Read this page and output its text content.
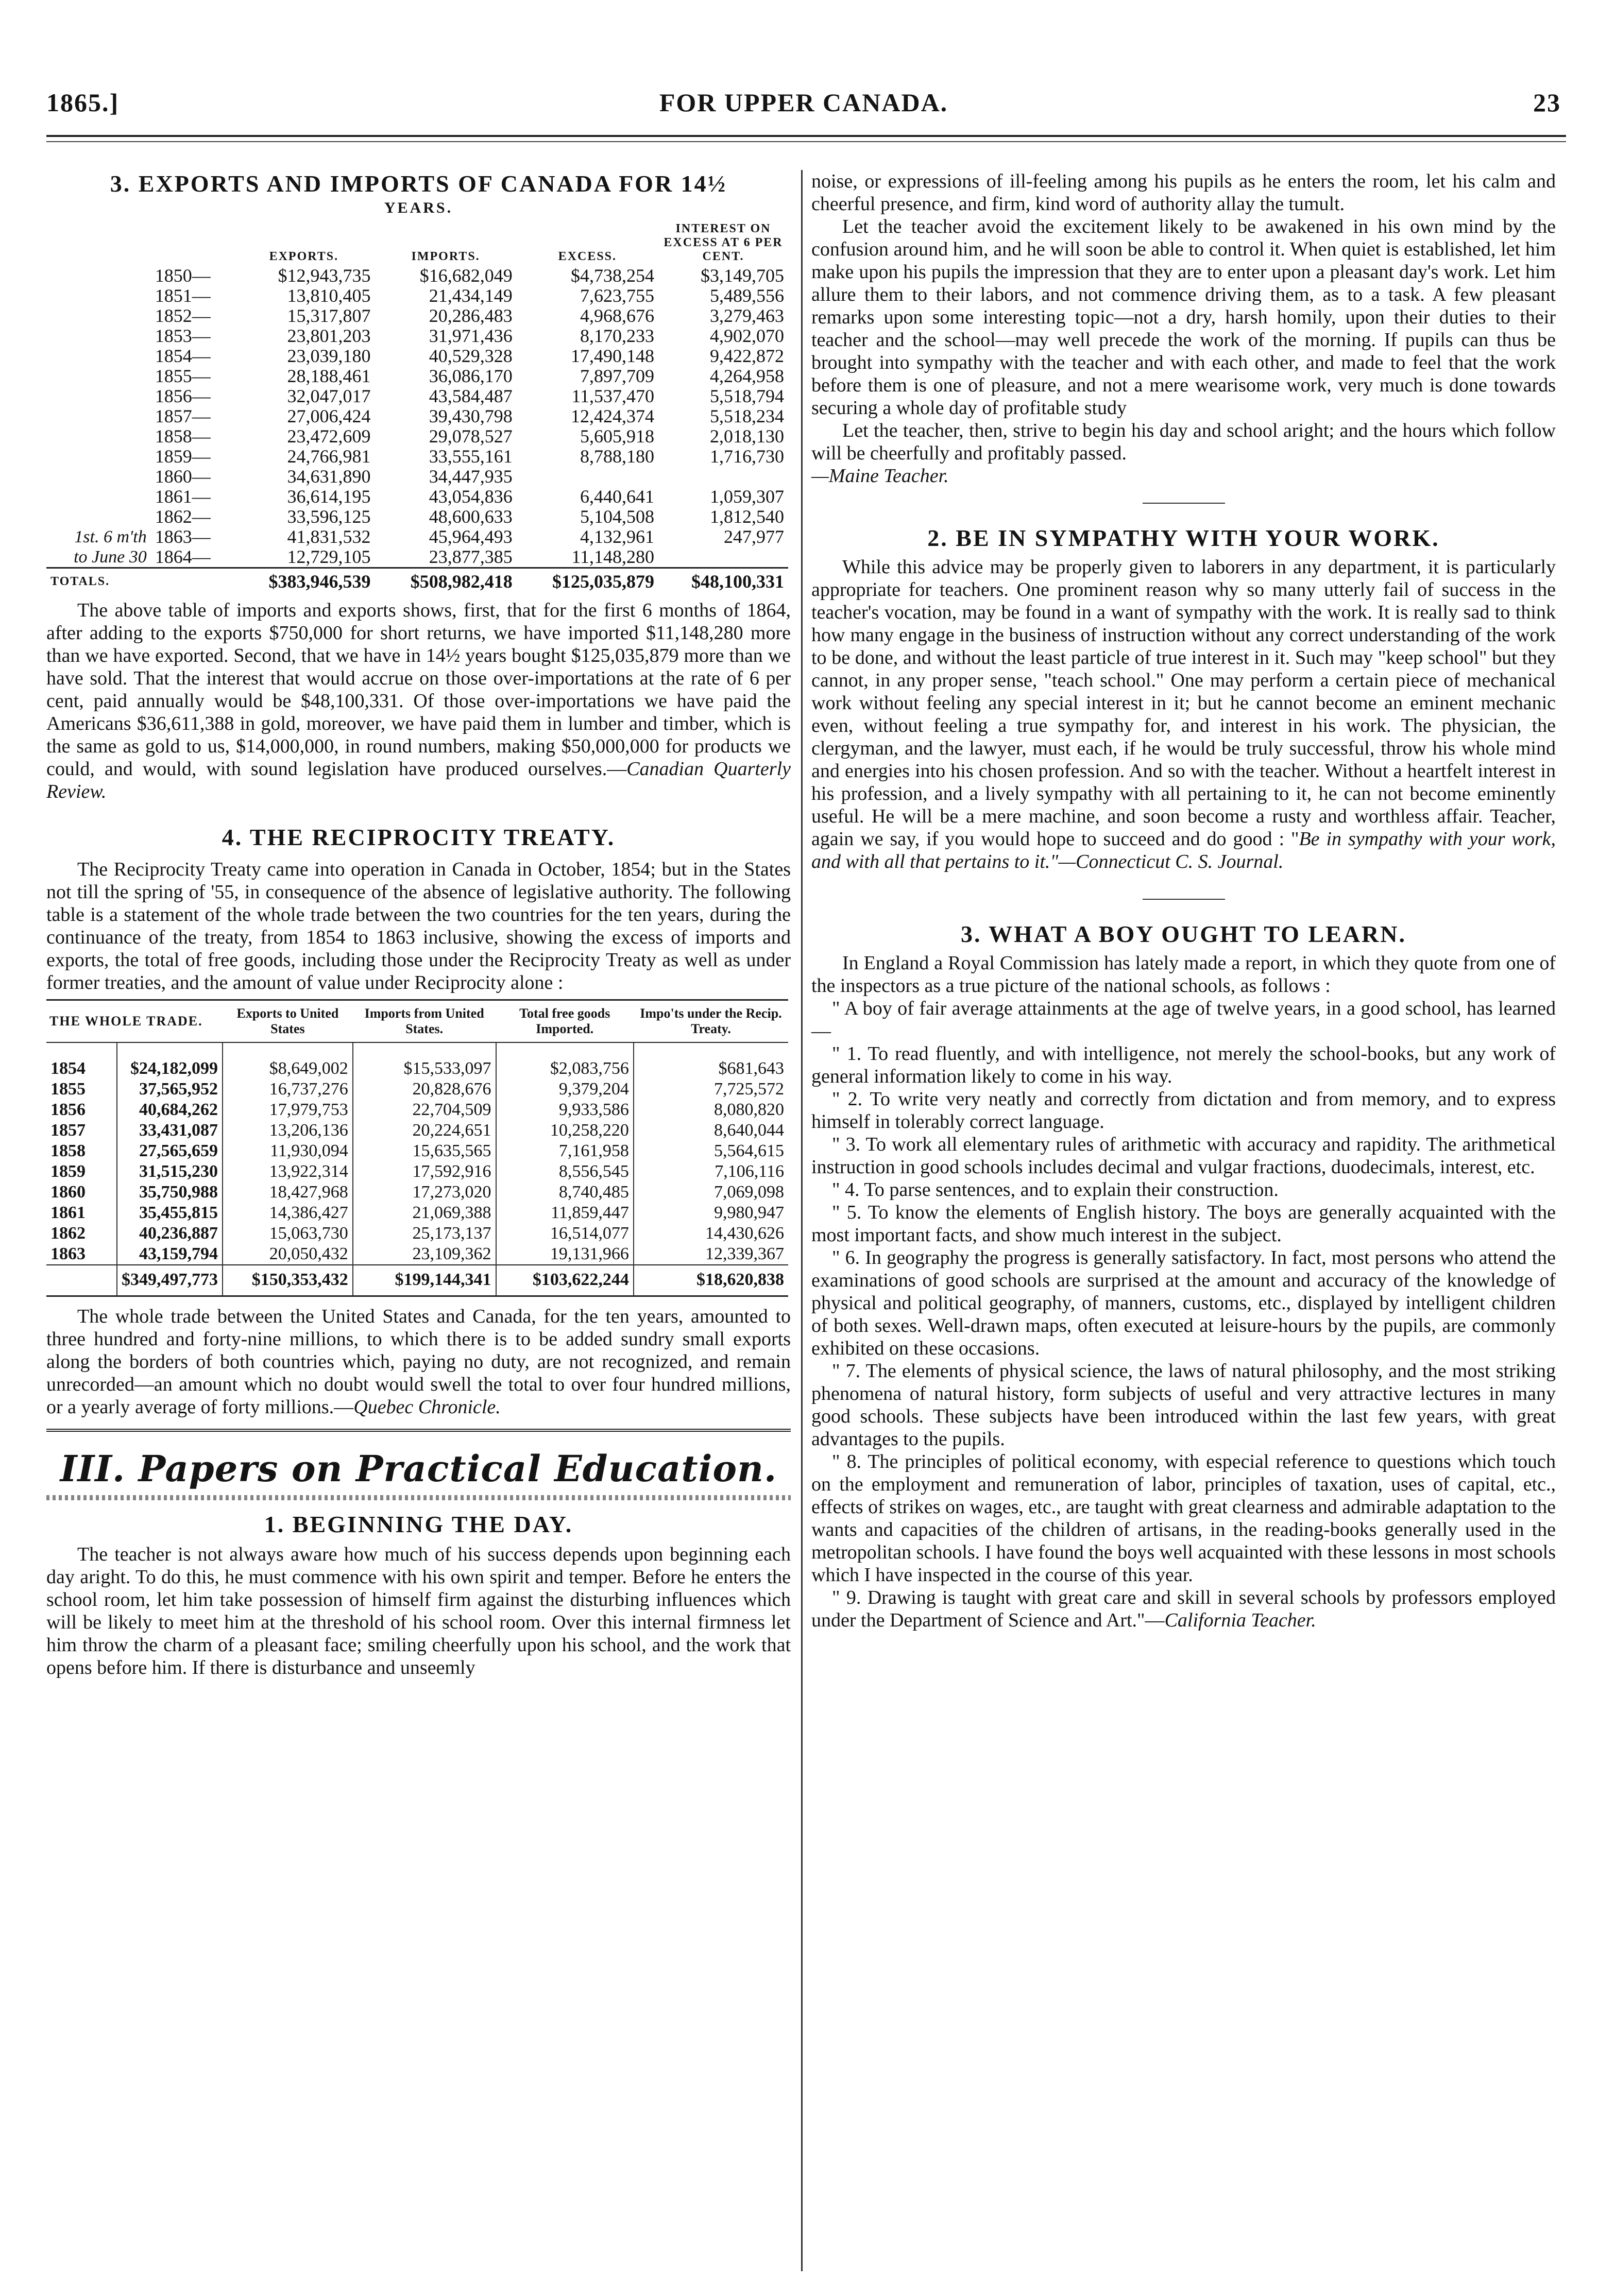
1865.]	FOR UPPER CANADA.	23
3. EXPORTS AND IMPORTS OF CANADA FOR 14½
YEARS.
		EXPORTS.	IMPORTS.	EXCESS.	INTEREST ON EXCESS AT 6 PER CENT.
	1850—	$12,943,735	$16,682,049	$4,738,254	$3,149,705
	1851—	13,810,405	21,434,149	7,623,755	5,489,556
	1852—	15,317,807	20,286,483	4,968,676	3,279,463
	1853—	23,801,203	31,971,436	8,170,233	4,902,070
	1854—	23,039,180	40,529,328	17,490,148	9,422,872
	1855—	28,188,461	36,086,170	7,897,709	4,264,958
	1856—	32,047,017	43,584,487	11,537,470	5,518,794
	1857—	27,006,424	39,430,798	12,424,374	5,518,234
	1858—	23,472,609	29,078,527	5,605,918	2,018,130
	1859—	24,766,981	33,555,161	8,788,180	1,716,730
	1860—	34,631,890	34,447,935		
	1861—	36,614,195	43,054,836	6,440,641	1,059,307
	1862—	33,596,125	48,600,633	5,104,508	1,812,540
1st. 6 m'th	1863—	41,831,532	45,964,493	4,132,961	247,977
to June 30	1864—	12,729,105	23,877,385	11,148,280	
TOTALS.		$383,946,539	$508,982,418	$125,035,879	$48,100,331

The above table of imports and exports shows, first, that for the first 6 months of 1864, after adding to the exports $750,000 for short returns, we have imported $11,148,280 more than we have exported. Second, that we have in 14½ years bought $125,035,879 more than we have sold. That the interest that would accrue on those over-importations at the rate of 6 per cent, paid annually would be $48,100,331. Of those over-importations we have paid the Americans $36,611,388 in gold, moreover, we have paid them in lumber and timber, which is the same as gold to us, $14,000,000, in round numbers, making $50,000,000 for products we could, and would, with sound legislation have produced ourselves.—Canadian Quarterly Review.

4. THE RECIPROCITY TREATY.

The Reciprocity Treaty came into operation in Canada in October, 1854; but in the States not till the spring of '55, in consequence of the absence of legislative authority. The following table is a statement of the whole trade between the two countries for the ten years, during the continuance of the treaty, from 1854 to 1863 inclusive, showing the excess of imports and exports, the total of free goods, including those under the Reciprocity Treaty as well as under former treaties, and the amount of value under Reciprocity alone :

THE WHOLE TRADE.		Exports to United States	Imports from United States.	Total free goods Imported.	Impo'ts under the Recip. Treaty.
1854	$24,182,099	$8,649,002	$15,533,097	$2,083,756	$681,643
1855	37,565,952	16,737,276	20,828,676	9,379,204	7,725,572
1856	40,684,262	17,979,753	22,704,509	9,933,586	8,080,820
1857	33,431,087	13,206,136	20,224,651	10,258,220	8,640,044
1858	27,565,659	11,930,094	15,635,565	7,161,958	5,564,615
1859	31,515,230	13,922,314	17,592,916	8,556,545	7,106,116
1860	35,750,988	18,427,968	17,273,020	8,740,485	7,069,098
1861	35,455,815	14,386,427	21,069,388	11,859,447	9,980,947
1862	40,236,887	15,063,730	25,173,137	16,514,077	14,430,626
1863	43,159,794	20,050,432	23,109,362	19,131,966	12,339,367
	$349,497,773	$150,353,432	$199,144,341	$103,622,244	$18,620,838

The whole trade between the United States and Canada, for the ten years, amounted to three hundred and forty-nine millions, to which there is to be added sundry small exports along the borders of both countries which, paying no duty, are not recognized, and remain unrecorded—an amount which no doubt would swell the total to over four hundred millions, or a yearly average of forty millions.—Quebec Chronicle.

III. Papers on Practical Education.
1. BEGINNING THE DAY.

The teacher is not always aware how much of his success depends upon beginning each day aright. To do this, he must commence with his own spirit and temper. Before he enters the school room, let him take possession of himself firm against the disturbing influences which will be likely to meet him at the threshold of his school room. Over this internal firmness let him throw the charm of a pleasant face; smiling cheerfully upon his school, and the work that opens before him. If there is disturbance and unseemly

noise, or expressions of ill-feeling among his pupils as he enters the room, let his calm and cheerful presence, and firm, kind word of authority allay the tumult.

Let the teacher avoid the excitement likely to be awakened in his own mind by the confusion around him, and he will soon be able to control it. When quiet is established, let him make upon his pupils the impression that they are to enter upon a pleasant day's work. Let him allure them to their labors, and not commence driving them, as to a task. A few pleasant remarks upon some interesting topic—not a dry, harsh homily, upon their duties to their teacher and the school—may well precede the work of the morning. If pupils can thus be brought into sympathy with the teacher and with each other, and made to feel that the work before them is one of pleasure, and not a mere wearisome work, very much is done towards securing a whole day of profitable study

Let the teacher, then, strive to begin his day and school aright; and the hours which follow will be cheerfully and profitably passed.

—Maine Teacher.

2. BE IN SYMPATHY WITH YOUR WORK.

While this advice may be properly given to laborers in any department, it is particularly appropriate for teachers. One prominent reason why so many utterly fail of success in the teacher's vocation, may be found in a want of sympathy with the work. It is really sad to think how many engage in the business of instruction without any correct understanding of the work to be done, and without the least particle of true interest in it. Such may "keep school" but they cannot, in any proper sense, "teach school." One may perform a certain piece of mechanical work without feeling any special interest in it; but he cannot become an eminent mechanic even, without feeling a true sympathy for, and interest in his work. The physician, the clergyman, and the lawyer, must each, if he would be truly successful, throw his whole mind and energies into his chosen profession. And so with the teacher. Without a heartfelt interest in his profession, and a lively sympathy with all pertaining to it, he can not become eminently useful. He will be a mere machine, and soon become a rusty and worthless affair. Teacher, again we say, if you would hope to succeed and do good : "Be in sympathy with your work, and with all that pertains to it."—Connecticut C. S. Journal.

3. WHAT A BOY OUGHT TO LEARN.

In England a Royal Commission has lately made a report, in which they quote from one of the inspectors as a true picture of the national schools, as follows :

" A boy of fair average attainments at the age of twelve years, in a good school, has learned—

" 1. To read fluently, and with intelligence, not merely the school-books, but any work of general information likely to come in his way.

" 2. To write very neatly and correctly from dictation and from memory, and to express himself in tolerably correct language.

" 3. To work all elementary rules of arithmetic with accuracy and rapidity. The arithmetical instruction in good schools includes decimal and vulgar fractions, duodecimals, interest, etc.

" 4. To parse sentences, and to explain their construction.

" 5. To know the elements of English history. The boys are generally acquainted with the most important facts, and show much interest in the subject.

" 6. In geography the progress is generally satisfactory. In fact, most persons who attend the examinations of good schools are surprised at the amount and accuracy of the knowledge of physical and political geography, of manners, customs, etc., displayed by intelligent children of both sexes. Well-drawn maps, often executed at leisure-hours by the pupils, are commonly exhibited on these occasions.

" 7. The elements of physical science, the laws of natural philosophy, and the most striking phenomena of natural history, form subjects of useful and very attractive lectures in many good schools. These subjects have been introduced within the last few years, with great advantages to the pupils.

" 8. The principles of political economy, with especial reference to questions which touch on the employment and remuneration of labor, principles of taxation, uses of capital, etc., effects of strikes on wages, etc., are taught with great clearness and admirable adaptation to the wants and capacities of the children of artisans, in the reading-books generally used in the metropolitan schools. I have found the boys well acquainted with these lessons in most schools which I have inspected in the course of this year.

" 9. Drawing is taught with great care and skill in several schools by professors employed under the Department of Science and Art."—California Teacher.
